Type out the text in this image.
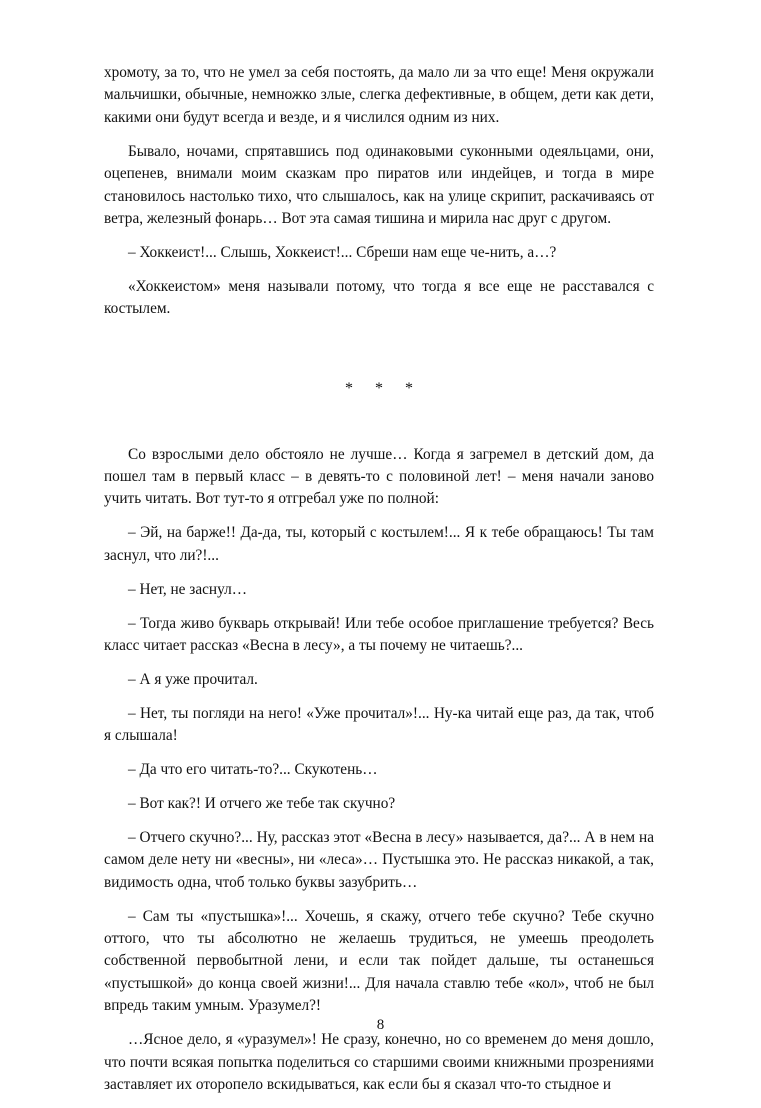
хромоту, за то, что не умел за себя постоять, да мало ли за что еще! Меня окружали мальчишки, обычные, немножко злые, слегка дефективные, в общем, дети как дети, какими они будут всегда и везде, и я числился одним из них.

Бывало, ночами, спрятавшись под одинаковыми суконными одеяльцами, они, оцепенев, внимали моим сказкам про пиратов или индейцев, и тогда в мире становилось настолько тихо, что слышалось, как на улице скрипит, раскачиваясь от ветра, железный фонарь… Вот эта самая тишина и мирила нас друг с другом.

– Хоккеист!... Слышь, Хоккеист!... Сбреши нам еще че-нить, а…?

«Хоккеистом» меня называли потому, что тогда я все еще не расставался с костылем.

* * *

Со взрослыми дело обстояло не лучше… Когда я загремел в детский дом, да пошел там в первый класс – в девять-то с половиной лет! – меня начали заново учить читать. Вот тут-то я отгребал уже по полной:

– Эй, на барже!! Да-да, ты, который с костылем!... Я к тебе обращаюсь! Ты там заснул, что ли?!...

– Нет, не заснул…

– Тогда живо букварь открывай! Или тебе особое приглашение требуется? Весь класс читает рассказ «Весна в лесу», а ты почему не читаешь?...

– А я уже прочитал.

– Нет, ты погляди на него! «Уже прочитал»!... Ну-ка читай еще раз, да так, чтоб я слышала!

– Да что его читать-то?... Скукотень…

– Вот как?! И отчего же тебе так скучно?

– Отчего скучно?... Ну, рассказ этот «Весна в лесу» называется, да?... А в нем на самом деле нету ни «весны», ни «леса»… Пустышка это. Не рассказ никакой, а так, видимость одна, чтоб только буквы зазубрить…

– Сам ты «пустышка»!... Хочешь, я скажу, отчего тебе скучно? Тебе скучно оттого, что ты абсолютно не желаешь трудиться, не умеешь преодолеть собственной первобытной лени, и если так пойдет дальше, ты останешься «пустышкой» до конца своей жизни!... Для начала ставлю тебе «кол», чтоб не был впредь таким умным. Уразумел?!

…Ясное дело, я «уразумел»! Не сразу, конечно, но со временем до меня дошло, что почти всякая попытка поделиться со старшими своими книжными прозрениями заставляет их оторопело вскидываться, как если бы я сказал что-то стыдное и

8
